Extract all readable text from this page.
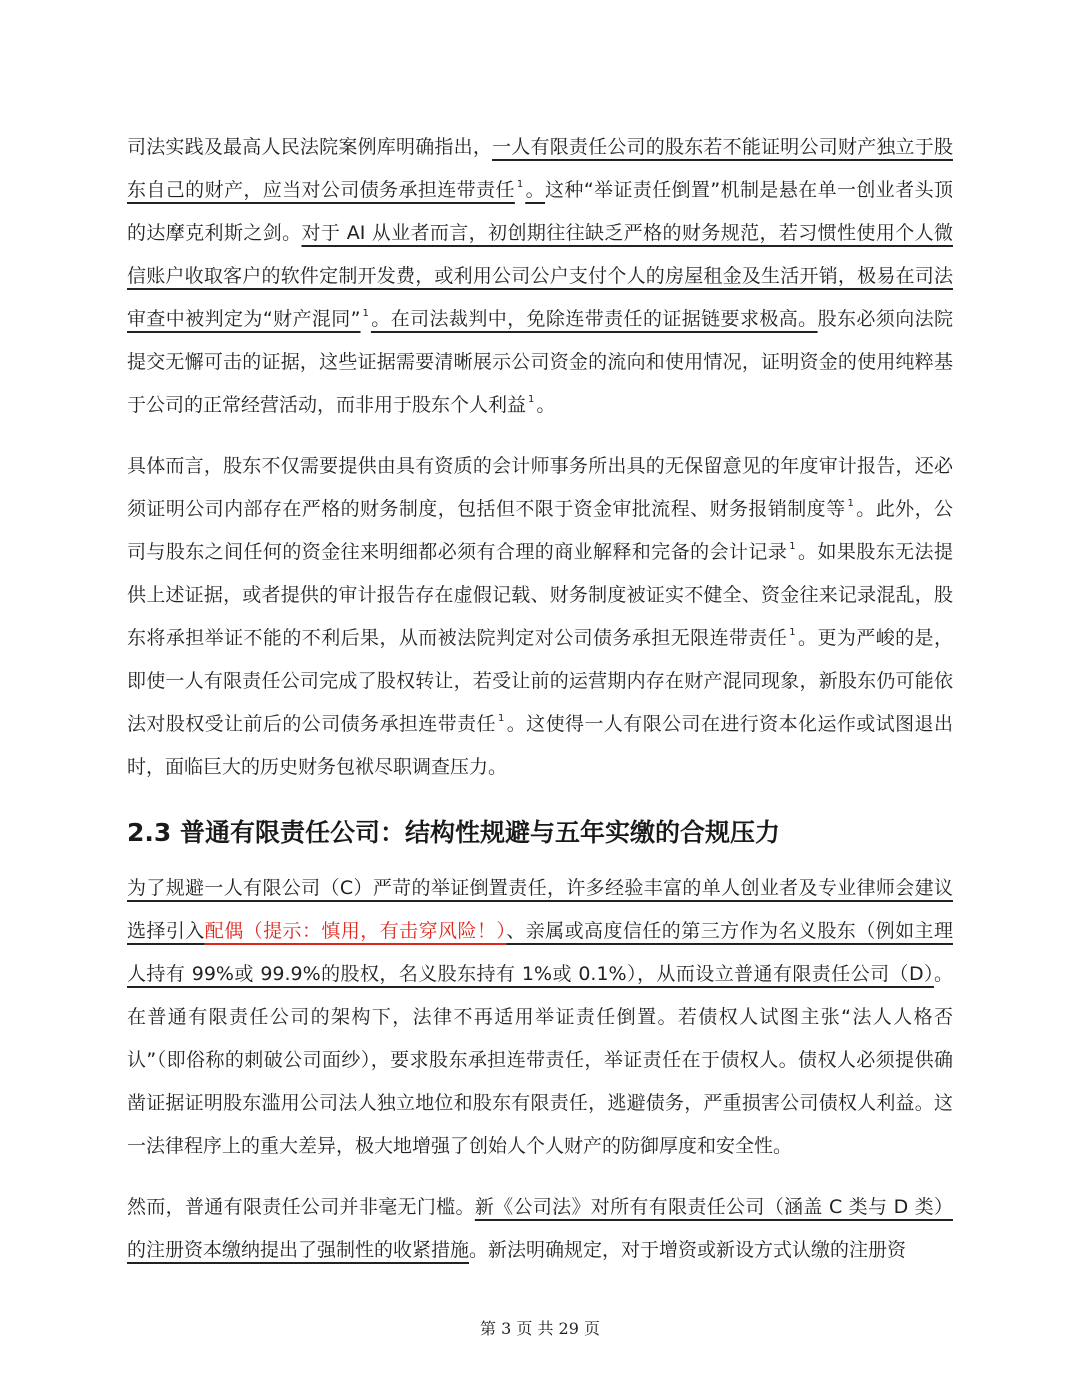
司法实践及最高人民法院案例库明确指出，一人有限责任公司的股东若不能证明公司财产独立于股东自己的财产，应当对公司债务承担连带责任 $^1$ 。这种“举证责任倒置”机制是悬在单一创业者头顶的达摩克利斯之剑。对于 AI 从业者而言，初创期往往缺乏严格的财务规范，若习惯性使用个人微信账户收取客户的软件定制开发费，或利用公司公户支付个人的房屋租金及生活开销，极易在司法审查中被判定为“财产混同” $^1$ 。在司法裁判中，免除连带责任的证据链要求极高。股东必须向法院提交无懈可击的证据，这些证据需要清晰展示公司资金的流向和使用情况，证明资金的使用纯粹基于公司的正常经营活动，而非用于股东个人利益 $^1$ 。

具体而言，股东不仅需要提供由具有资质的会计师事务所出具的无保留意见的年度审计报告，还必须证明公司内部存在严格的财务制度，包括但不限于资金审批流程、财务报销制度等 $^1$ 。此外，公司与股东之间任何的资金往来明细都必须有合理的商业解释和完备的会计记录 $^1$ 。如果股东无法提供上述证据，或者提供的审计报告存在虚假记载、财务制度被证实不健全、资金往来记录混乱，股东将承担举证不能的不利后果，从而被法院判定对公司债务承担无限连带责任 $^1$ 。更为严峻的是，即使一人有限责任公司完成了股权转让，若受让前的运营期内存在财产混同现象，新股东仍可能依法对股权受让前后的公司债务承担连带责任 $^1$ 。这使得一人有限公司在进行资本化运作或试图退出时，面临巨大的历史财务包袱尽职调查压力。

2.3 普通有限责任公司：结构性规避与五年实缴的合规压力

为了规避一人有限公司（C）严苛的举证倒置责任，许多经验丰富的单人创业者及专业律师会建议选择引入配偶（提示：慎用，有击穿风险！）、亲属或高度信任的第三方作为名义股东（例如主理人持有 99%或 99.9%的股权，名义股东持有 1%或 0.1%），从而设立普通有限责任公司（D）。在普通有限责任公司的架构下，法律不再适用举证责任倒置。若债权人试图主张“法人人格否认”（即俗称的刺破公司面纱），要求股东承担连带责任，举证责任在于债权人。债权人必须提供确凿证据证明股东滥用公司法人独立地位和股东有限责任，逃避债务，严重损害公司债权人利益。这一法律程序上的重大差异，极大地增强了创始人个人财产的防御厚度和安全性。

然而，普通有限责任公司并非毫无门槛。新《公司法》对所有有限责任公司（涵盖 C 类与 D 类）的注册资本缴纳提出了强制性的收紧措施。新法明确规定，对于增资或新设方式认缴的注册资

第 3 页 共 29 页
